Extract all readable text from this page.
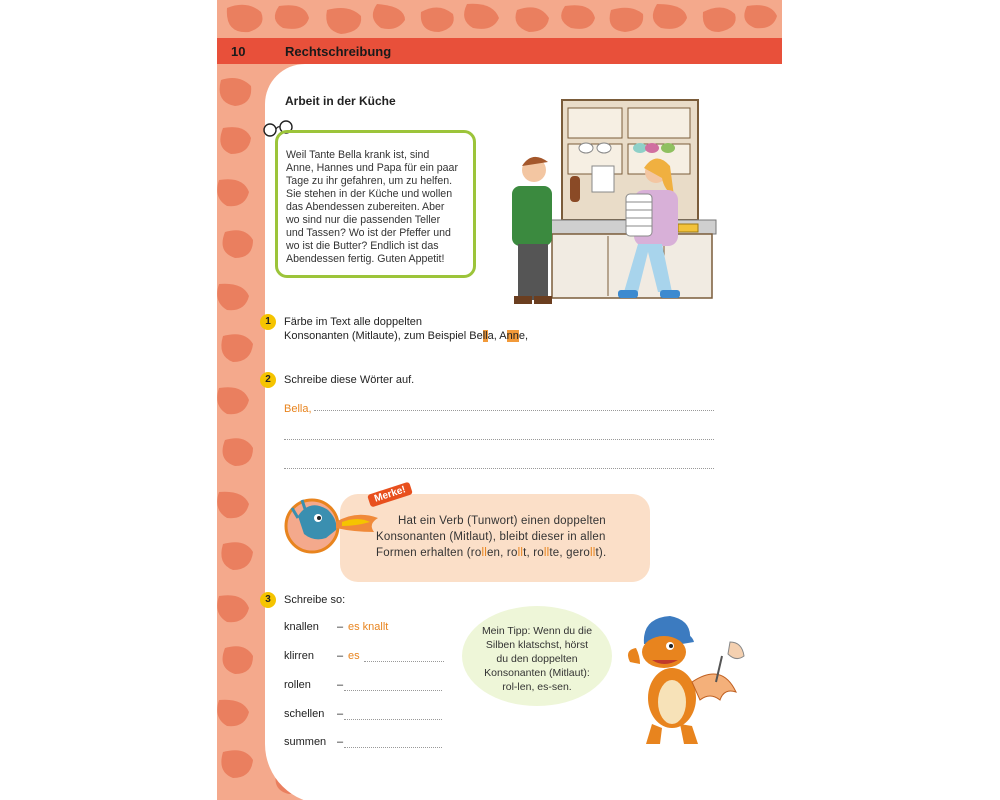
10	Rechtschreibung
Arbeit in der Küche
Weil Tante Bella krank ist, sind
Anne, Hannes und Papa für ein paar
Tage zu ihr gefahren, um zu helfen.
Sie stehen in der Küche und wollen
das Abendessen zubereiten. Aber
wo sind nur die passenden Teller
und Tassen? Wo ist der Pfeffer und
wo ist die Butter? Endlich ist das
Abendessen fertig. Guten Appetit!
1	Färbe im Text alle doppelten
Konsonanten (Mitlaute), zum Beispiel Bella, Anne,
2	Schreibe diese Wörter auf.
Bella,
Merke!
Hat ein Verb (Tunwort) einen doppelten
Konsonanten (Mitlaut), bleibt dieser in allen
Formen erhalten (rollen, rollt, rollte, gerollt).
3	Schreibe so:
knallen – es knallt
klirren – es
rollen –
schellen –
summen –
Mein Tipp: Wenn du die
Silben klatschst, hörst
du den doppelten
Konsonanten (Mitlaut):
rol-len, es-sen.
